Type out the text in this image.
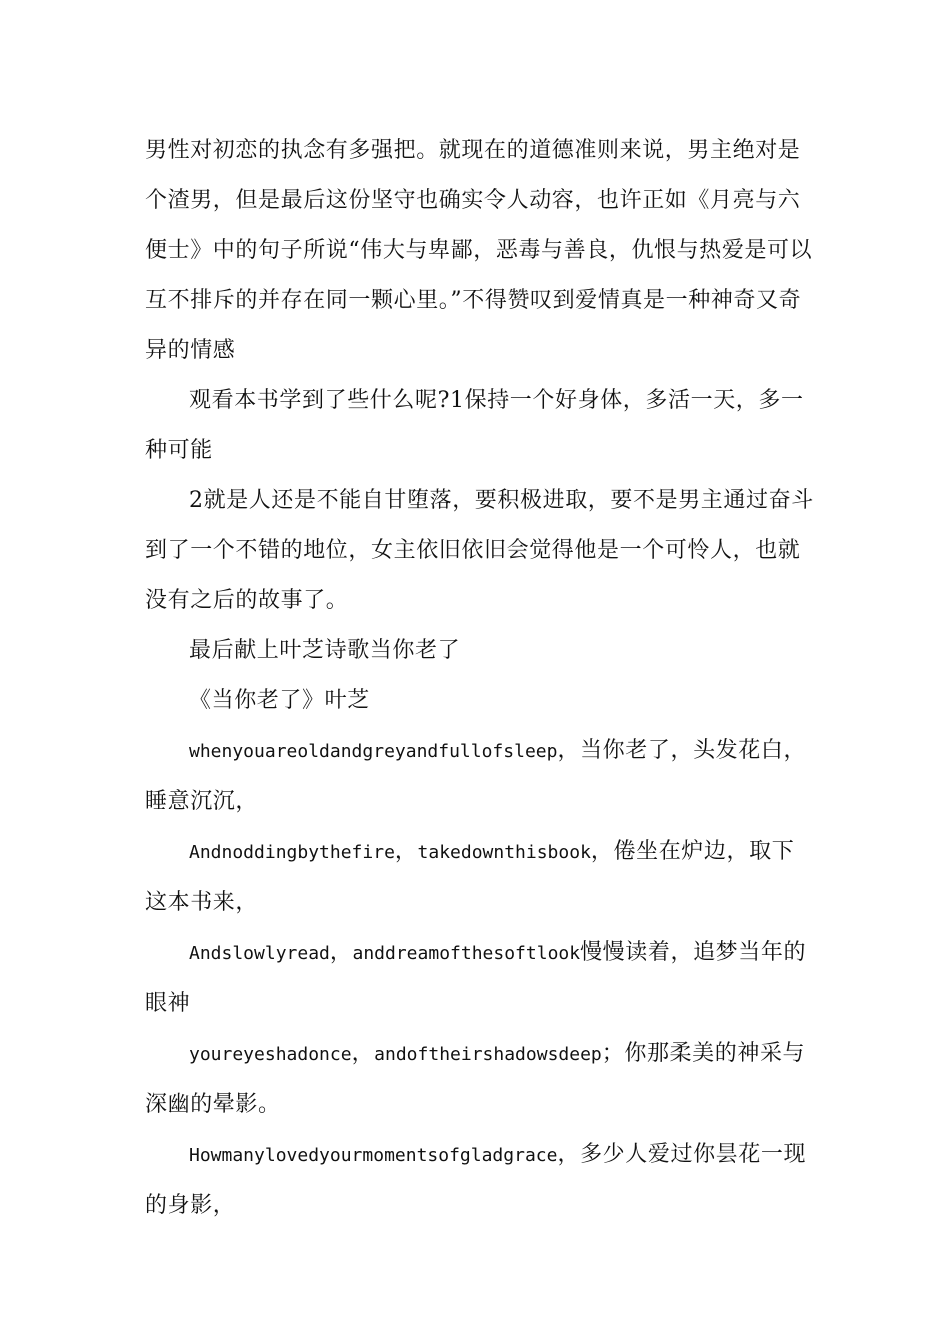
男性对初恋的执念有多强把。就现在的道德准则来说，男主绝对是个渣男，但是最后这份坚守也确实令人动容，也许正如《月亮与六便士》中的句子所说“伟大与卑鄙，恶毒与善良，仇恨与热爱是可以互不排斥的并存在同一颗心里。”不得赞叹到爱情真是一种神奇又奇异的情感

观看本书学到了些什么呢?1保持一个好身体，多活一天，多一种可能

2就是人还是不能自甘堕落，要积极进取，要不是男主通过奋斗到了一个不错的地位，女主依旧依旧会觉得他是一个可怜人，也就没有之后的故事了。

最后献上叶芝诗歌当你老了

《当你老了》叶芝

whenyouareoldandgreyandfullofsleep，当你老了，头发花白，睡意沉沉，

Andnoddingbythefire，takedownthisbook，倦坐在炉边，取下这本书来，

Andslowlyread，anddreamofthesoftlook慢慢读着，追梦当年的眼神

youreyeshadonce，andoftheirshadowsdeep；你那柔美的神采与深幽的晕影。

Howmanylovedyourmomentsofgladgrace，多少人爱过你昙花一现的身影，
